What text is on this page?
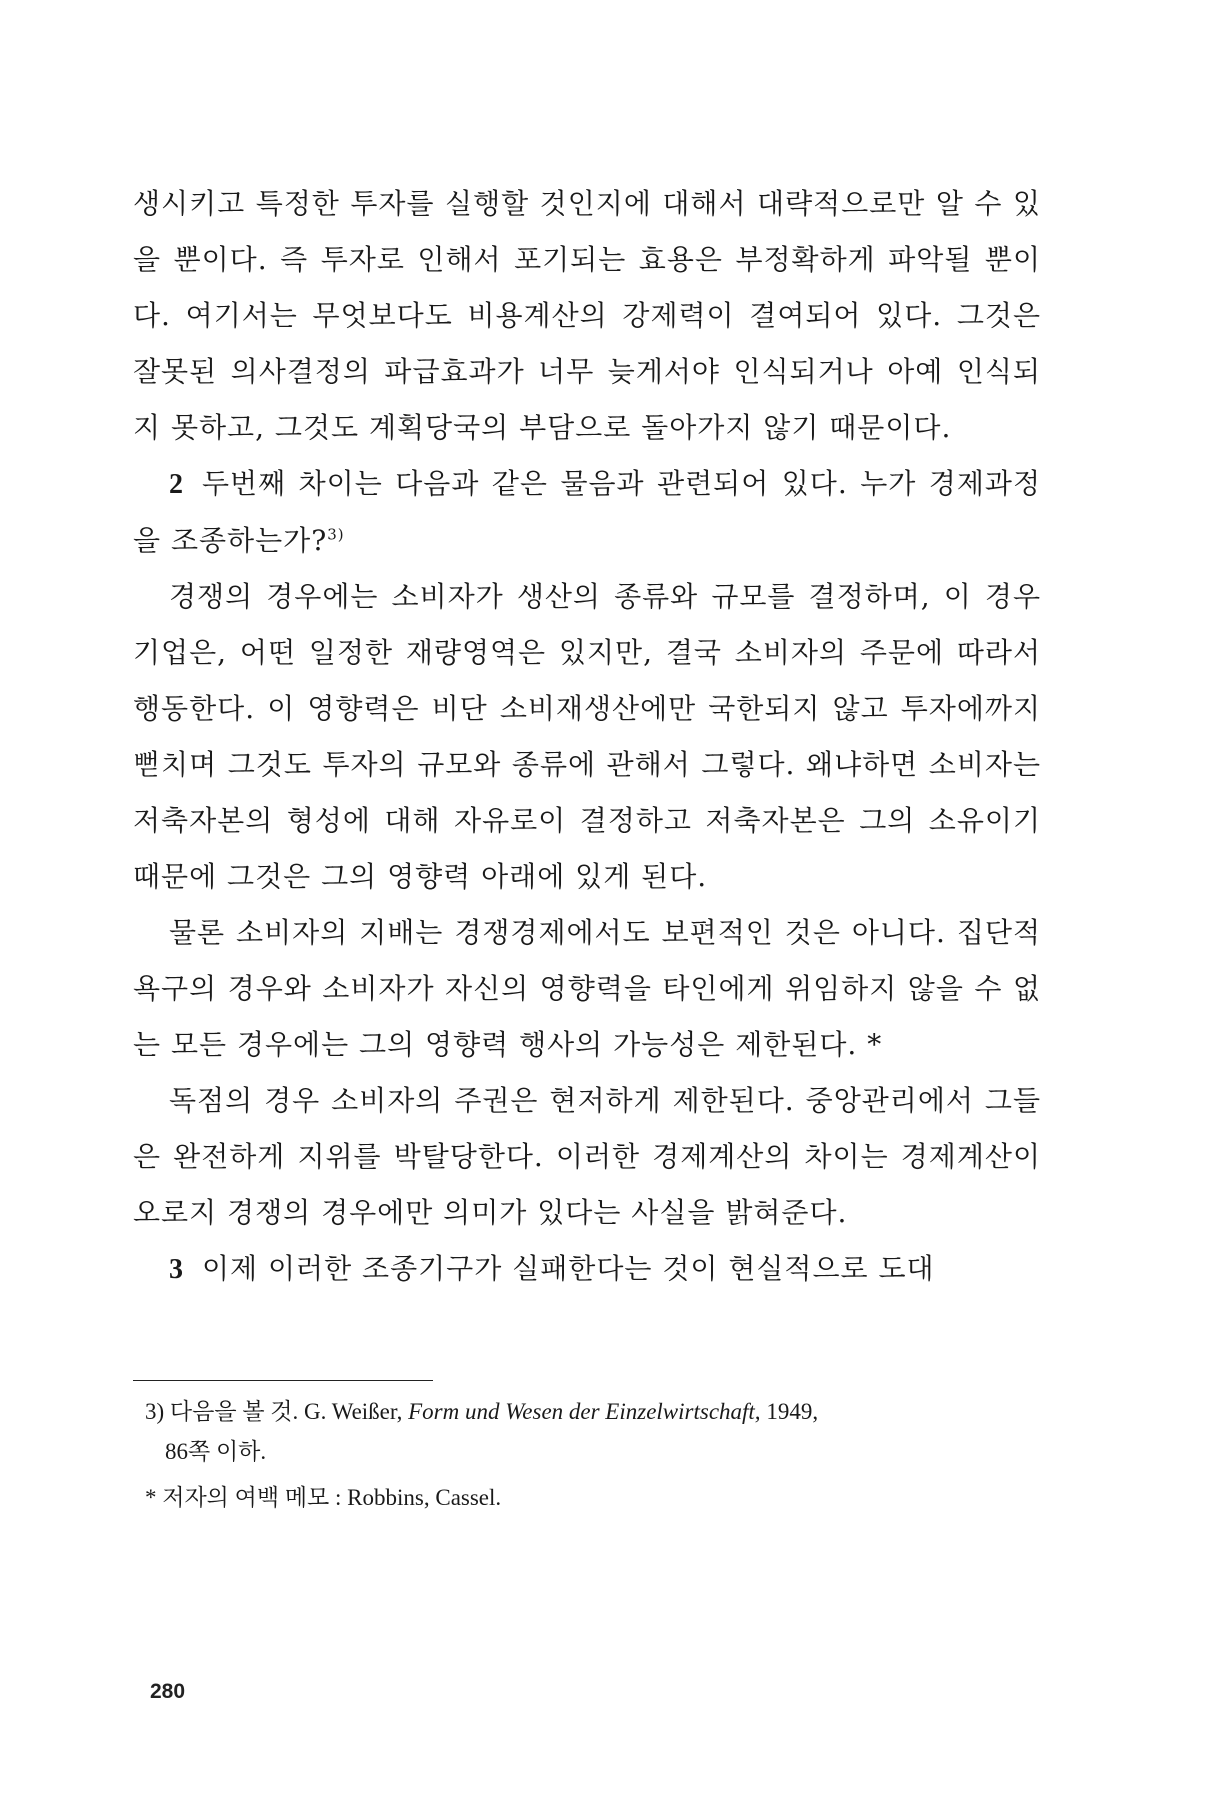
생시키고 특정한 투자를 실행할 것인지에 대해서 대략적으로만 알 수 있을 뿐이다. 즉 투자로 인해서 포기되는 효용은 부정확하게 파악될 뿐이다. 여기서는 무엇보다도 비용계산의 강제력이 결여되어 있다. 그것은 잘못된 의사결정의 파급효과가 너무 늦게서야 인식되거나 아예 인식되지 못하고, 그것도 계획당국의 부담으로 돌아가지 않기 때문이다.

2 두번째 차이는 다음과 같은 물음과 관련되어 있다. 누가 경제과정을 조종하는가?$^{3)}$

경쟁의 경우에는 소비자가 생산의 종류와 규모를 결정하며, 이 경우 기업은, 어떤 일정한 재량영역은 있지만, 결국 소비자의 주문에 따라서 행동한다. 이 영향력은 비단 소비재생산에만 국한되지 않고 투자에까지 뻗치며 그것도 투자의 규모와 종류에 관해서 그렇다. 왜냐하면 소비자는 저축자본의 형성에 대해 자유로이 결정하고 저축자본은 그의 소유이기 때문에 그것은 그의 영향력 아래에 있게 된다.

물론 소비자의 지배는 경쟁경제에서도 보편적인 것은 아니다. 집단적 욕구의 경우와 소비자가 자신의 영향력을 타인에게 위임하지 않을 수 없는 모든 경우에는 그의 영향력 행사의 가능성은 제한된다. *

독점의 경우 소비자의 주권은 현저하게 제한된다. 중앙관리에서 그들은 완전하게 지위를 박탈당한다. 이러한 경제계산의 차이는 경제계산이 오로지 경쟁의 경우에만 의미가 있다는 사실을 밝혀준다.

3 이제 이러한 조종기구가 실패한다는 것이 현실적으로 도대

3) 다음을 볼 것. G. Weißer, Form und Wesen der Einzelwirtschaft, 1949,
86쪽 이하.

* 저자의 여백 메모 : Robbins, Cassel.

280
